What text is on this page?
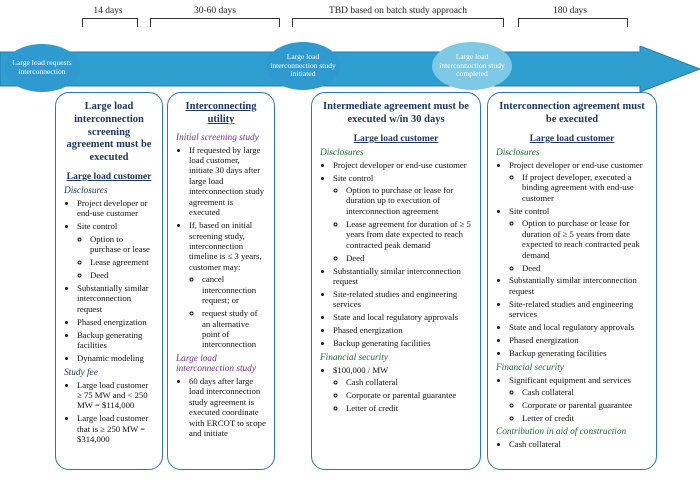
14 days	30-60 days	TBD based on batch study approach	180 days
Large load requests interconnection
Large load interconnection study initiated
Large load interconnection study completed
Large load interconnection screening agreement must be executed
Large load customer
Disclosures
• Project developer or end-use customer
• Site control
◦ Option to purchase or lease
◦ Lease agreement
◦ Deed
• Substantially similar interconnection request
• Phased energization
• Backup generating facilities
• Dynamic modeling
Study fee
• Large load customer ≥ 75 MW and < 250 MW = $114,000
• Large load customer that is ≥ 250 MW = $314,000
Interconnecting utility
Initial screening study
• If requested by large load customer, initiate 30 days after large load interconnection study agreement is executed
• If, based on initial screening study, interconnection timeline is ≤ 3 years, customer may:
◦ cancel interconnection request; or
◦ request study of an alternative point of interconnection
Large load interconnection study
• 60 days after large load interconnection study agreement is executed coordinate with ERCOT to scope and initiate
Intermediate agreement must be executed w/in 30 days
Large load customer
Disclosures
• Project developer or end-use customer
• Site control
◦ Option to purchase or lease for duration up to execution of interconnection agreement
◦ Lease agreement for duration of ≥ 5 years from date expected to reach contracted peak demand
◦ Deed
• Substantially similar interconnection request
• Site-related studies and engineering services
• State and local regulatory approvals
• Phased energization
• Backup generating facilities
Financial security
• $100,000 / MW
◦ Cash collateral
◦ Corporate or parental guarantee
◦ Letter of credit
Interconnection agreement must be executed
Large load customer
Disclosures
• Project developer or end-use customer
◦ If project developer, executed a binding agreement with end-use customer
• Site control
◦ Option to purchase or lease for duration of ≥ 5 years from date expected to reach contracted peak demand
◦ Deed
• Substantially similar interconnection request
• Site-related studies and engineering services
• State and local regulatory approvals
• Phased energization
• Backup generating facilities
Financial security
• Significant equipment and services
◦ Cash collateral
◦ Corporate or parental guarantee
◦ Letter of credit
Contribution in aid of construction
• Cash collateral
